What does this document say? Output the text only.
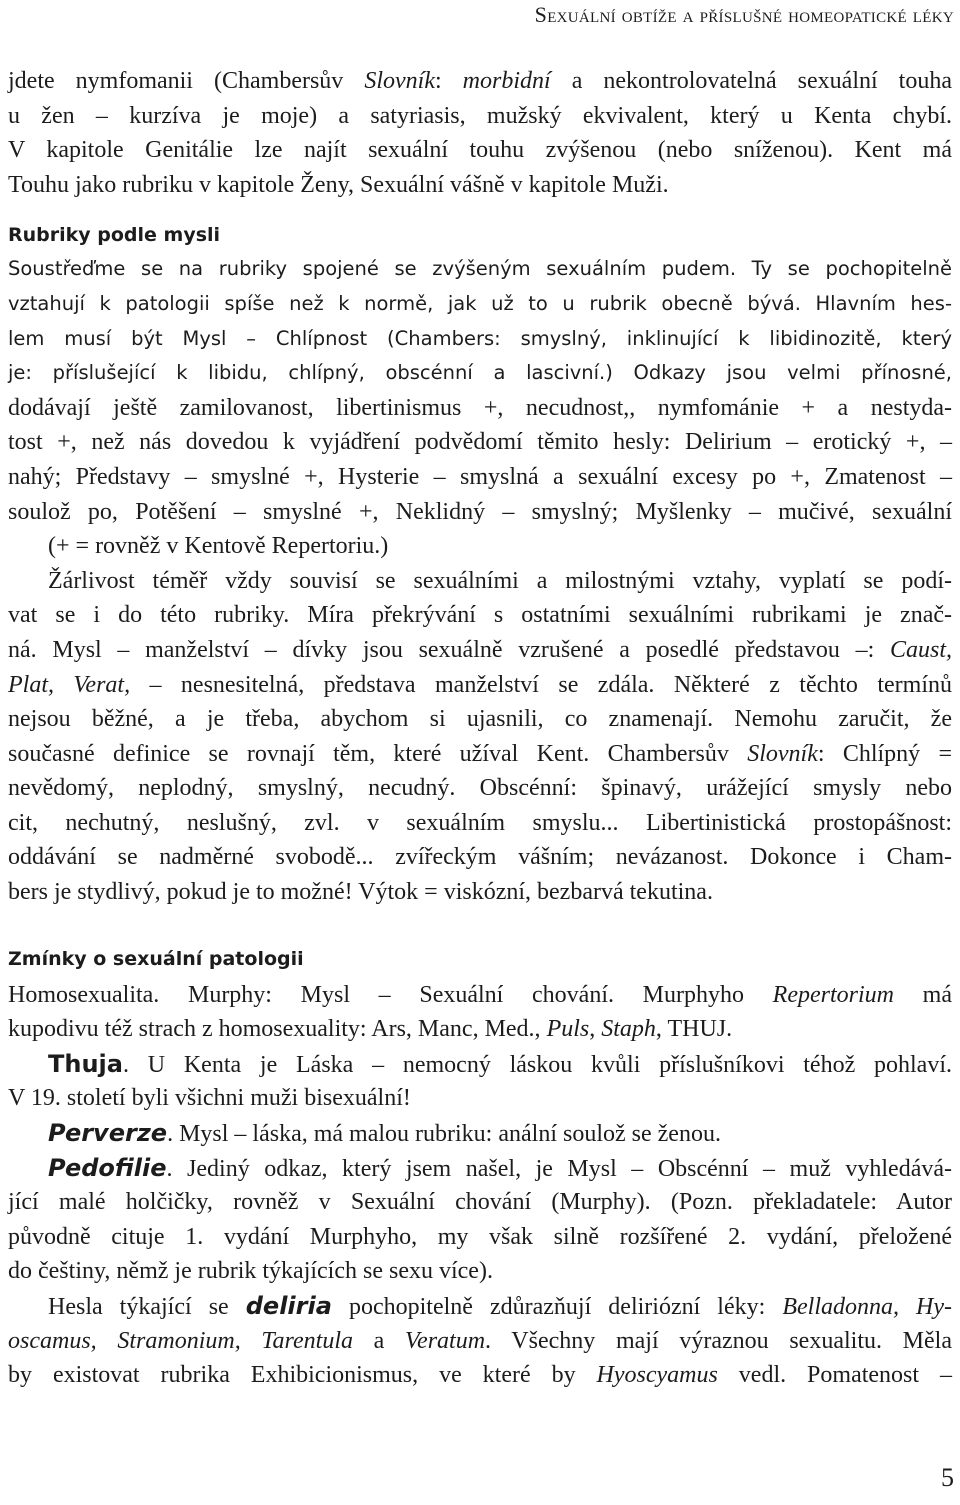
Sexuální obtíže a příslušné homeopatické léky
jdete nymfomanii (Chambersův Slovník: morbidní a nekontrolovatelná sexuální touha
u žen – kurzíva je moje) a satyriasis, mužský ekvivalent, který u Kenta chybí.
V kapitole Genitálie lze najít sexuální touhu zvýšenou (nebo sníženou). Kent má
Touhu jako rubriku v kapitole Ženy, Sexuální vášně v kapitole Muži.
Rubriky podle mysli
Soustřeďme se na rubriky spojené se zvýšeným sexuálním pudem. Ty se pochopitelně
vztahují k patologii spíše než k normě, jak už to u rubrik obecně bývá. Hlavním hes-
lem musí být Mysl – Chlípnost (Chambers: smyslný, inklinující k libidinozitě, který
je: příslušející k libidu, chlípný, obscénní a lascivní.) Odkazy jsou velmi přínosné,
dodávají ještě zamilovanost, libertinismus +, necudnost,, nymfománie + a nestyda-
tost +, než nás dovedou k vyjádření podvědomí těmito hesly: Delirium – erotický +, –
nahý; Představy – smyslné +, Hysterie – smyslná a sexuální excesy po +, Zmatenost –
soulož po, Potěšení – smyslné +, Neklidný – smyslný; Myšlenky – mučivé, sexuální
(+ = rovněž v Kentově Repertoriu.)
Žárlivost téměř vždy souvisí se sexuálními a milostnými vztahy, vyplatí se podí-
vat se i do této rubriky. Míra překrývání s ostatními sexuálními rubrikami je znač-
ná. Mysl – manželství – dívky jsou sexuálně vzrušené a posedlé představou –: Caust,
Plat, Verat, – nesnesitelná, představa manželství se zdála. Některé z těchto termínů
nejsou běžné, a je třeba, abychom si ujasnili, co znamenají. Nemohu zaručit, že
současné definice se rovnají těm, které užíval Kent. Chambersův Slovník: Chlípný =
nevědomý, neplodný, smyslný, necudný. Obscénní: špinavý, urážející smysly nebo
cit, nechutný, neslušný, zvl. v sexuálním smyslu... Libertinistická prostopášnost:
oddávání se nadměrné svobodě... zvířeckým vášním; nevázanost. Dokonce i Cham-
bers je stydlivý, pokud je to možné! Výtok = viskózní, bezbarvá tekutina.
Zmínky o sexuální patologii
Homosexualita. Murphy: Mysl – Sexuální chování. Murphyho Repertorium má
kupodivu též strach z homosexuality: Ars, Manc, Med., Puls, Staph, THUJ.
Thuja. U Kenta je Láska – nemocný láskou kvůli příslušníkovi téhož pohlaví.
V 19. století byli všichni muži bisexuální!
Perverze. Mysl – láska, má malou rubriku: anální soulož se ženou.
Pedofilie. Jediný odkaz, který jsem našel, je Mysl – Obscénní – muž vyhledává-
jící malé holčičky, rovněž v Sexuální chování (Murphy). (Pozn. překladatele: Autor
původně cituje 1. vydání Murphyho, my však silně rozšířené 2. vydání, přeložené
do češtiny, němž je rubrik týkajících se sexu více).
Hesla týkající se deliria pochopitelně zdůrazňují deliriózní léky: Belladonna, Hy-
oscamus, Stramonium, Tarentula a Veratum. Všechny mají výraznou sexualitu. Měla
by existovat rubrika Exhibicionismus, ve které by Hyoscyamus vedl. Pomatenost –
5
